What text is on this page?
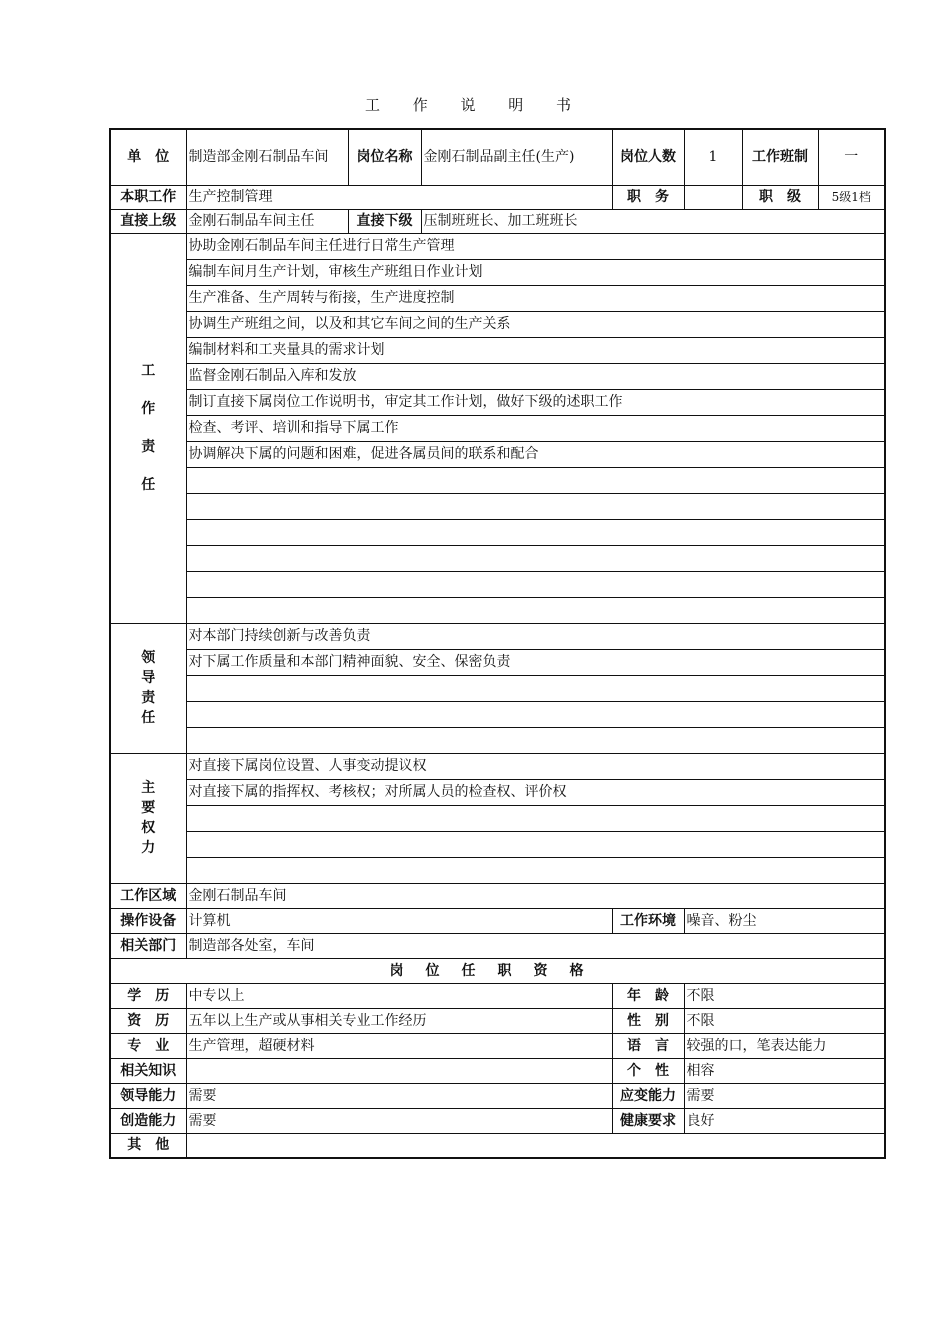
工 作 说 明 书
单　位	制造部金刚石制品车间	岗位名称	金刚石制品副主任(生产)	岗位人数	1	工作班制	一
本职工作	生产控制管理			职　务		职　级	5级1档
直接上级	金刚石制品车间主任	直接下级	压制班班长、加工班班长				

工
作
责
任	协助金刚石制品车间主任进行日常生产管理						
	编制车间月生产计划，审核生产班组日作业计划						
	生产准备、生产周转与衔接，生产进度控制						
	协调生产班组之间，以及和其它车间之间的生产关系						
	编制材料和工夹量具的需求计划						
	监督金刚石制品入库和发放						
	制订直接下属岗位工作说明书，审定其工作计划，做好下级的述职工作						
	检查、考评、培训和指导下属工作						
	协调解决下属的问题和困难，促进各属员间的联系和配合						

领
导
责
任	对本部门持续创新与改善负责						
	对下属工作质量和本部门精神面貌、安全、保密负责						

主
要
权
力	对直接下属岗位设置、人事变动提议权						
	对直接下属的指挥权、考核权；对所属人员的检查权、评价权						

工作区域	金刚石制品车间						
操作设备	计算机			工作环境	噪音、粉尘		
相关部门	制造部各处室，车间						
岗位任职资格							
学　历	中专以上			年　龄	不限		
资　历	五年以上生产或从事相关专业工作经历			性　别	不限		
专　业	生产管理，超硬材料			语　言	较强的口，笔表达能力		
相关知识				个　性	相容		
领导能力	需要			应变能力	需要		
创造能力	需要			健康要求	良好		
其　他							
